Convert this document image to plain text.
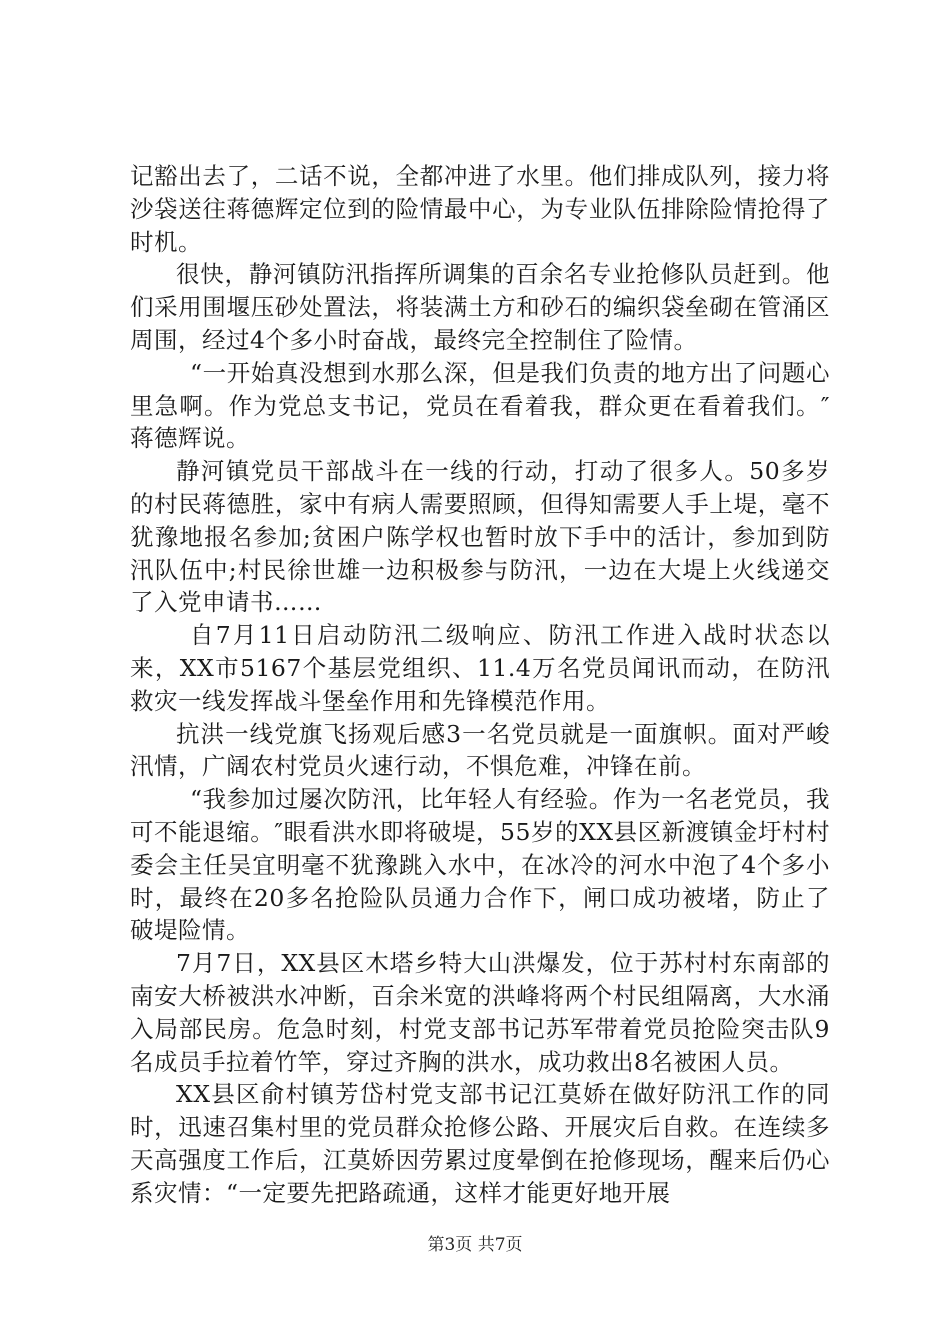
记豁出去了，二话不说，全都冲进了水里。他们排成队列，接力将沙袋送往蒋德辉定位到的险情最中心，为专业队伍排除险情抢得了时机。

很快，静河镇防汛指挥所调集的百余名专业抢修队员赶到。他们采用围堰压砂处置法，将装满土方和砂石的编织袋垒砌在管涌区周围，经过4个多小时奋战，最终完全控制住了险情。

“一开始真没想到水那么深，但是我们负责的地方出了问题心里急啊。作为党总支书记，党员在看着我，群众更在看着我们。″蒋德辉说。

静河镇党员干部战斗在一线的行动，打动了很多人。50多岁的村民蒋德胜，家中有病人需要照顾，但得知需要人手上堤，毫不犹豫地报名参加;贫困户陈学权也暂时放下手中的活计，参加到防汛队伍中;村民徐世雄一边积极参与防汛，一边在大堤上火线递交了入党申请书……

自7月11日启动防汛二级响应、防汛工作进入战时状态以来，XX市5167个基层党组织、11.4万名党员闻讯而动，在防汛救灾一线发挥战斗堡垒作用和先锋模范作用。

抗洪一线党旗飞扬观后感3一名党员就是一面旗帜。面对严峻汛情，广阔农村党员火速行动，不惧危难，冲锋在前。

“我参加过屡次防汛，比年轻人有经验。作为一名老党员，我可不能退缩。″眼看洪水即将破堤，55岁的XX县区新渡镇金圩村村委会主任吴宜明毫不犹豫跳入水中，在冰冷的河水中泡了4个多小时，最终在20多名抢险队员通力合作下，闸口成功被堵，防止了破堤险情。

7月7日，XX县区木塔乡特大山洪爆发，位于苏村村东南部的南安大桥被洪水冲断，百余米宽的洪峰将两个村民组隔离，大水涌入局部民房。危急时刻，村党支部书记苏军带着党员抢险突击队9名成员手拉着竹竿，穿过齐胸的洪水，成功救出8名被困人员。

XX县区俞村镇芳岱村党支部书记江莫娇在做好防汛工作的同时，迅速召集村里的党员群众抢修公路、开展灾后自救。在连续多天高强度工作后，江莫娇因劳累过度晕倒在抢修现场，醒来后仍心系灾情：“一定要先把路疏通，这样才能更好地开展

第3页 共7页
